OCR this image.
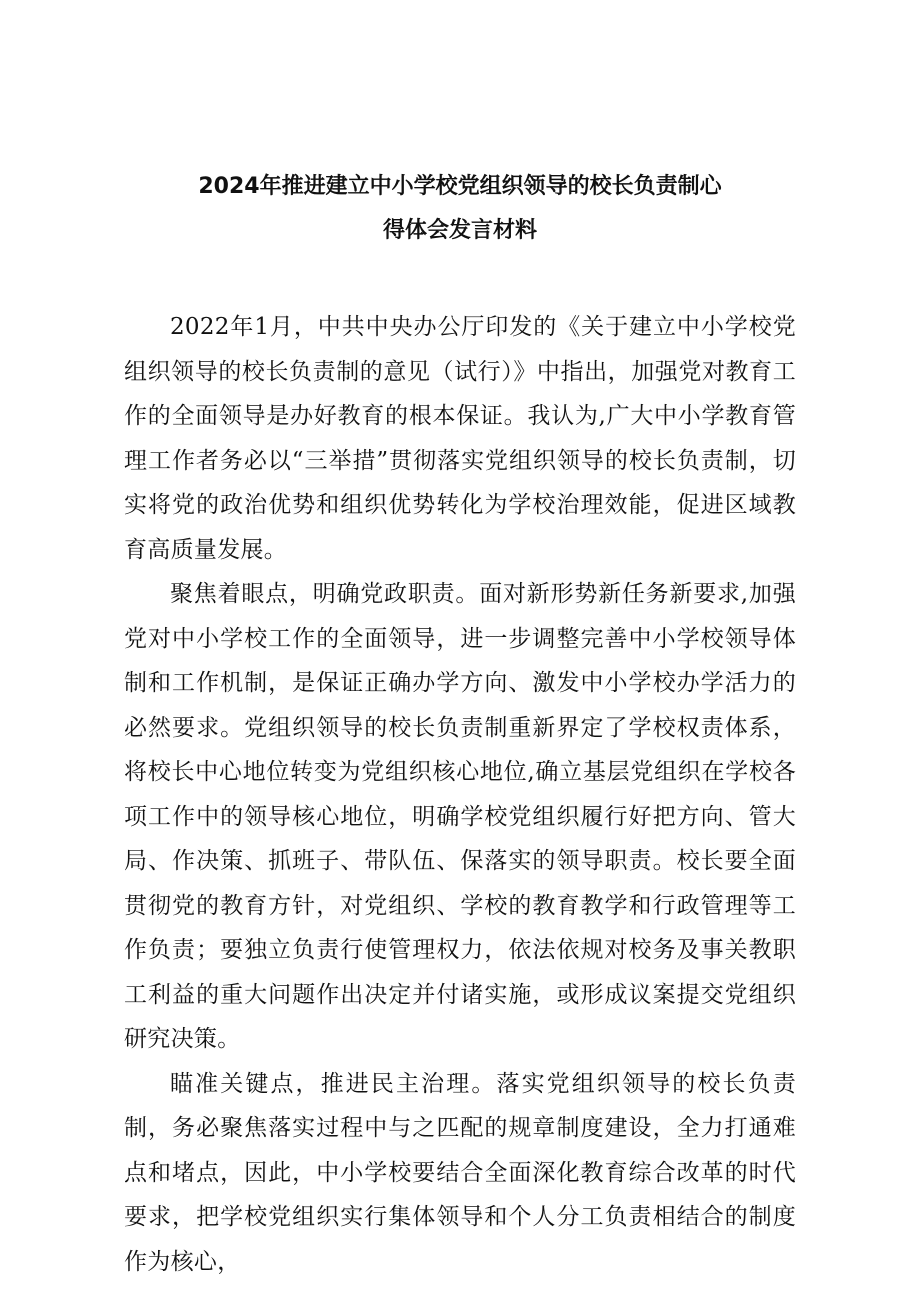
2024年推进建立中小学校党组织领导的校长负责制心
得体会发言材料

2022年1月，中共中央办公厅印发的《关于建立中小学校党组织领导的校长负责制的意见（试行）》中指出，加强党对教育工作的全面领导是办好教育的根本保证。我认为,广大中小学教育管理工作者务必以“三举措”贯彻落实党组织领导的校长负责制，切实将党的政治优势和组织优势转化为学校治理效能，促进区域教育高质量发展。

聚焦着眼点，明确党政职责。面对新形势新任务新要求,加强党对中小学校工作的全面领导，进一步调整完善中小学校领导体制和工作机制，是保证正确办学方向、激发中小学校办学活力的必然要求。党组织领导的校长负责制重新界定了学校权责体系，将校长中心地位转变为党组织核心地位,确立基层党组织在学校各项工作中的领导核心地位，明确学校党组织履行好把方向、管大局、作决策、抓班子、带队伍、保落实的领导职责。校长要全面贯彻党的教育方针，对党组织、学校的教育教学和行政管理等工作负责；要独立负责行使管理权力，依法依规对校务及事关教职工利益的重大问题作出决定并付诸实施，或形成议案提交党组织研究决策。

瞄准关键点，推进民主治理。落实党组织领导的校长负责制，务必聚焦落实过程中与之匹配的规章制度建设，全力打通难点和堵点，因此，中小学校要结合全面深化教育综合改革的时代要求，把学校党组织实行集体领导和个人分工负责相结合的制度作为核心，
